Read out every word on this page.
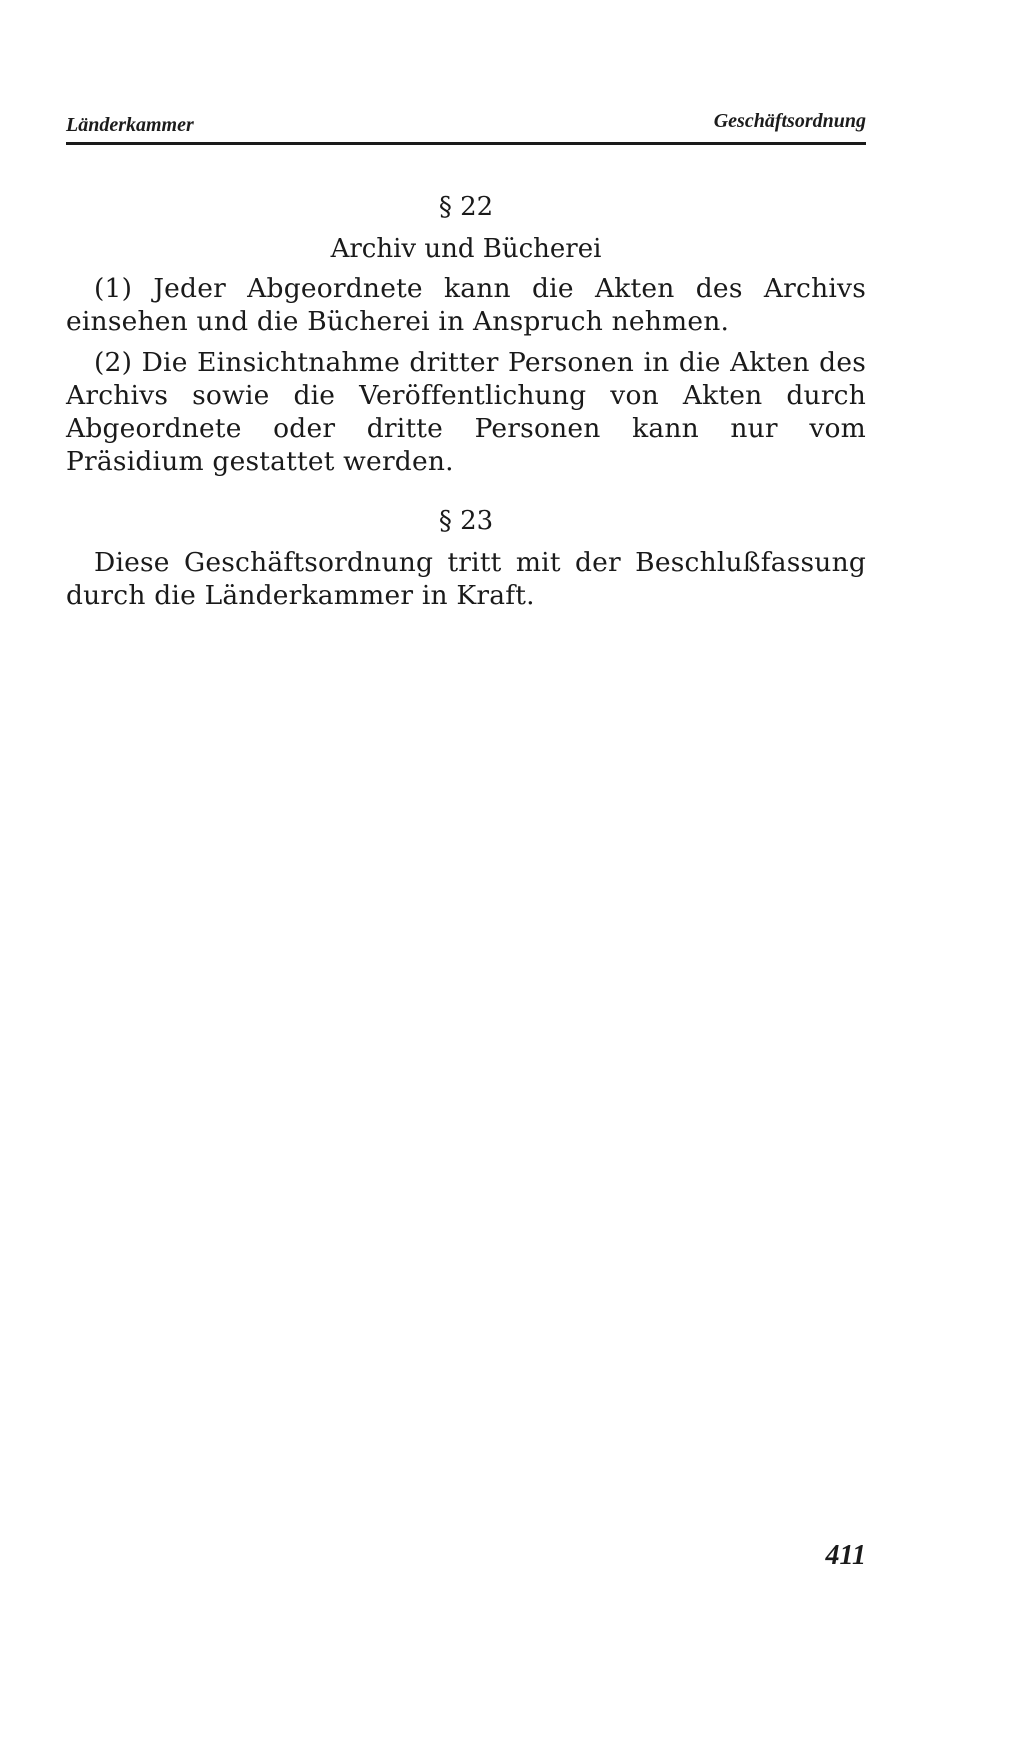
Länderkammer	Geschäftsordnung
§ 22
Archiv und Bücherei

(1) Jeder Abgeordnete kann die Akten des Archivs einsehen und die Bücherei in Anspruch nehmen.

(2) Die Einsichtnahme dritter Personen in die Akten des Archivs sowie die Veröffentlichung von Akten durch Abgeordnete oder dritte Personen kann nur vom Präsidium gestattet werden.

§ 23

Diese Geschäftsordnung tritt mit der Beschlußfassung durch die Länderkammer in Kraft.

411
